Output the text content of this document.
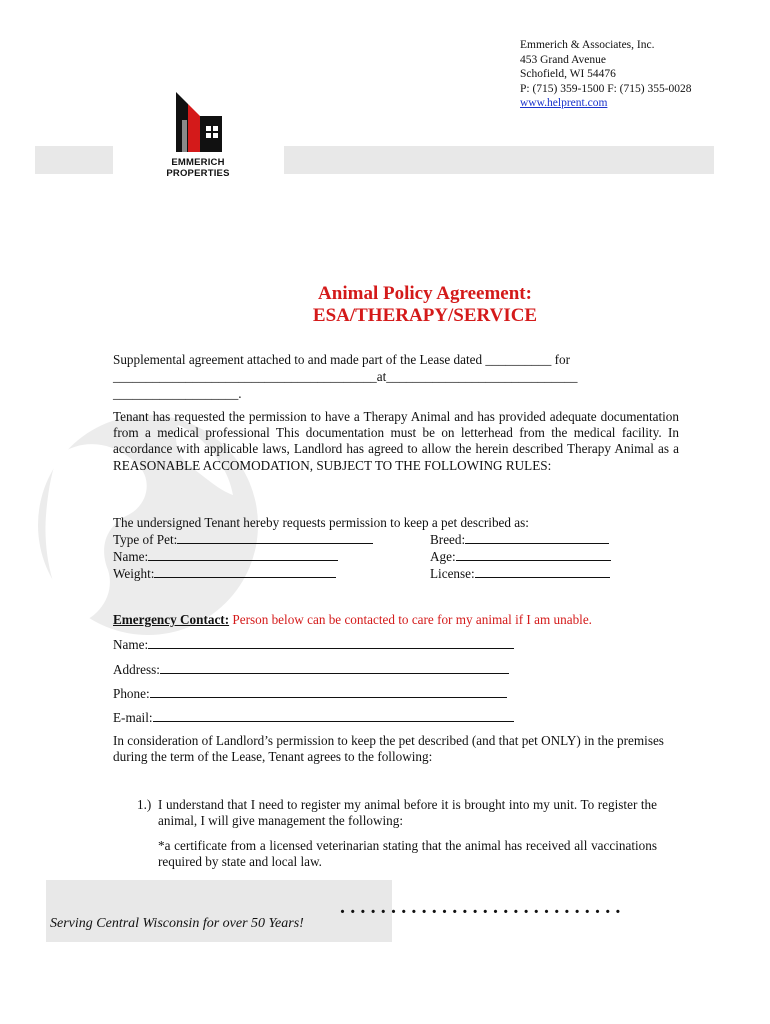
Emmerich & Associates, Inc.
453 Grand Avenue
Schofield, WI 54476
P: (715) 359-1500 F: (715) 355-0028
www.helprent.com
EMMERICH
PROPERTIES
Animal Policy Agreement:
ESA/THERAPY/SERVICE
Supplemental agreement attached to and made part of the Lease dated __________ for
________________________________________at_____________________________
___________________.
Tenant has requested the permission to have a Therapy Animal and has provided adequate documentation from a medical professional This documentation must be on letterhead from the medical facility. In accordance with applicable laws, Landlord has agreed to allow the herein described Therapy Animal as a REASONABLE ACCOMODATION, SUBJECT TO THE FOLLOWING RULES:
The undersigned Tenant hereby requests permission to keep a pet described as:
Type of Pet:	Breed:
Name:	Age:
Weight:	License:
Emergency Contact: Person below can be contacted to care for my animal if I am unable.
Name:
Address:
Phone:
E-mail:
In consideration of Landlord’s permission to keep the pet described (and that pet ONLY) in the premises during the term of the Lease, Tenant agrees to the following:
1.) I understand that I need to register my animal before it is brought into my unit. To register the animal, I will give management the following:
*a certificate from a licensed veterinarian stating that the animal has received all vaccinations required by state and local law.
............................
Serving Central Wisconsin for over 50 Years!
